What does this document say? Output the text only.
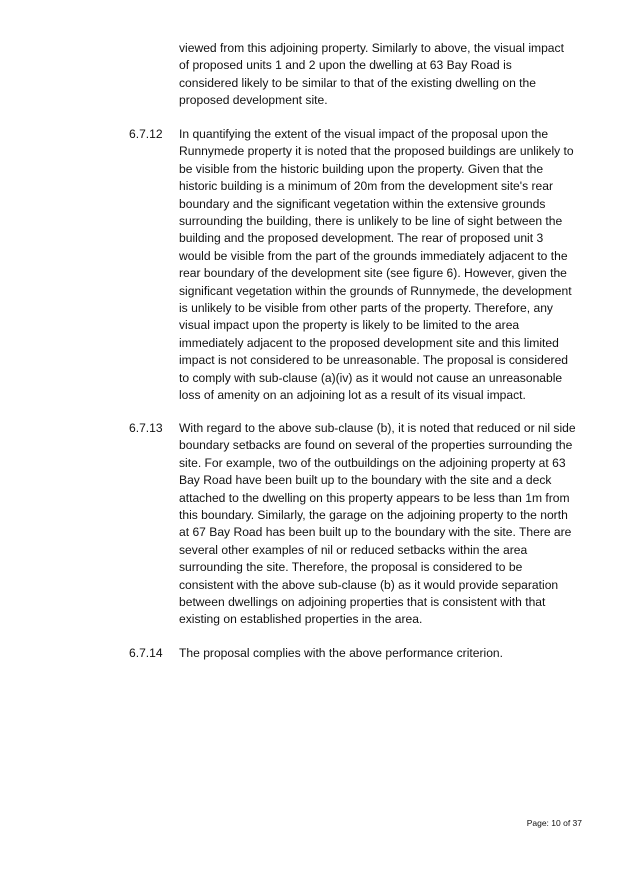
viewed from this adjoining property. Similarly to above, the visual impact
of proposed units 1 and 2 upon the dwelling at 63 Bay Road is
considered likely to be similar to that of the existing dwelling on the
proposed development site.

6.7.12 In quantifying the extent of the visual impact of the proposal upon the
Runnymede property it is noted that the proposed buildings are unlikely to
be visible from the historic building upon the property. Given that the
historic building is a minimum of 20m from the development site's rear
boundary and the significant vegetation within the extensive grounds
surrounding the building, there is unlikely to be line of sight between the
building and the proposed development. The rear of proposed unit 3
would be visible from the part of the grounds immediately adjacent to the
rear boundary of the development site (see figure 6). However, given the
significant vegetation within the grounds of Runnymede, the development
is unlikely to be visible from other parts of the property. Therefore, any
visual impact upon the property is likely to be limited to the area
immediately adjacent to the proposed development site and this limited
impact is not considered to be unreasonable. The proposal is considered
to comply with sub-clause (a)(iv) as it would not cause an unreasonable
loss of amenity on an adjoining lot as a result of its visual impact.

6.7.13 With regard to the above sub-clause (b), it is noted that reduced or nil side
boundary setbacks are found on several of the properties surrounding the
site. For example, two of the outbuildings on the adjoining property at 63
Bay Road have been built up to the boundary with the site and a deck
attached to the dwelling on this property appears to be less than 1m from
this boundary. Similarly, the garage on the adjoining property to the north
at 67 Bay Road has been built up to the boundary with the site. There are
several other examples of nil or reduced setbacks within the area
surrounding the site. Therefore, the proposal is considered to be
consistent with the above sub-clause (b) as it would provide separation
between dwellings on adjoining properties that is consistent with that
existing on established properties in the area.

6.7.14 The proposal complies with the above performance criterion.

Page: 10 of 37
